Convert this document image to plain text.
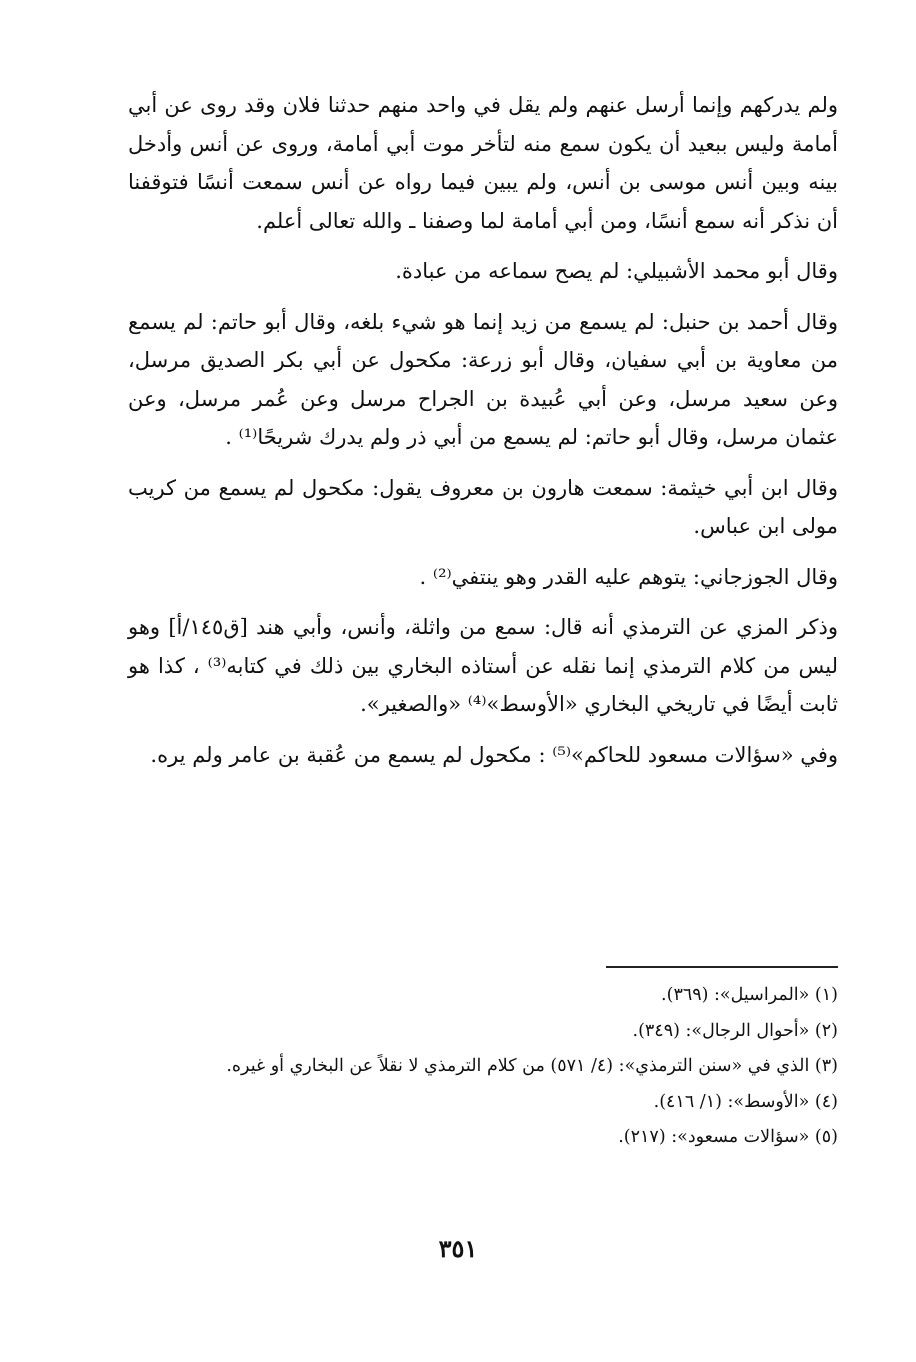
ولم يدركهم وإنما أرسل عنهم ولم يقل في واحد منهم حدثنا فلان وقد روى عن أبي أمامة وليس ببعيد أن يكون سمع منه لتأخر موت أبي أمامة، وروى عن أنس وأدخل بينه وبين أنس موسى بن أنس، ولم يبين فيما رواه عن أنس سمعت أنسًا فتوقفنا أن نذكر أنه سمع أنسًا، ومن أبي أمامة لما وصفنا ـ والله تعالى أعلم.

وقال أبو محمد الأشبيلي: لم يصح سماعه من عبادة.

وقال أحمد بن حنبل: لم يسمع من زيد إنما هو شيء بلغه، وقال أبو حاتم: لم يسمع من معاوية بن أبي سفيان، وقال أبو زرعة: مكحول عن أبي بكر الصديق مرسل، وعن سعيد مرسل، وعن أبي عُبيدة بن الجراح مرسل وعن عُمر مرسل، وعن عثمان مرسل، وقال أبو حاتم: لم يسمع من أبي ذر ولم يدرك شريحًا⁽¹⁾ .

وقال ابن أبي خيثمة: سمعت هارون بن معروف يقول: مكحول لم يسمع من كريب مولى ابن عباس.

وقال الجوزجاني: يتوهم عليه القدر وهو ينتفي⁽²⁾ .

وذكر المزي عن الترمذي أنه قال: سمع من واثلة، وأنس، وأبي هند [ق١٤٥/أ] وهو ليس من كلام الترمذي إنما نقله عن أستاذه البخاري بين ذلك في كتابه⁽³⁾ ، كذا هو ثابت أيضًا في تاريخي البخاري «الأوسط»⁽⁴⁾ «والصغير».

وفي «سؤالات مسعود للحاكم»⁽⁵⁾ : مكحول لم يسمع من عُقبة بن عامر ولم يره.

(١) «المراسيل»: (٣٦٩).

(٢) «أحوال الرجال»: (٣٤٩).

(٣) الذي في «سنن الترمذي»: (٤/ ٥٧١) من كلام الترمذي لا نقلاً عن البخاري أو غيره.

(٤) «الأوسط»: (١/ ٤١٦).

(٥) «سؤالات مسعود»: (٢١٧).

٣٥١
